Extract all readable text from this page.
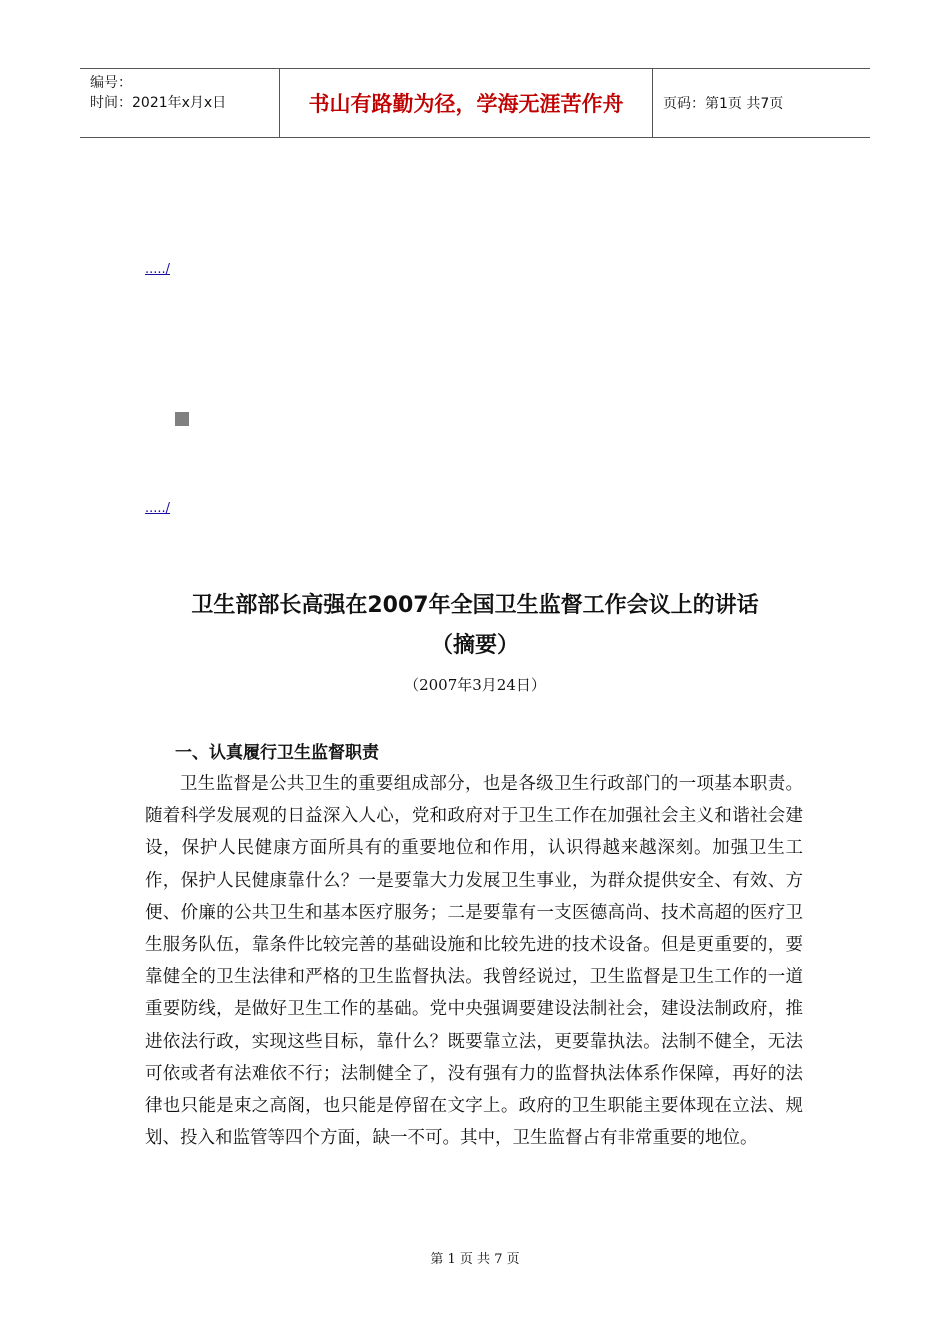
编号：
时间：2021年x月x日	书山有路勤为径，学海无涯苦作舟	页码：第1页 共7页
...../
...../
卫生部部长高强在2007年全国卫生监督工作会议上的讲话
（摘要）
（2007年3月24日）
一、认真履行卫生监督职责

卫生监督是公共卫生的重要组成部分，也是各级卫生行政部门的一项基本职责。随着科学发展观的日益深入人心，党和政府对于卫生工作在加强社会主义和谐社会建设，保护人民健康方面所具有的重要地位和作用，认识得越来越深刻。加强卫生工作，保护人民健康靠什么？一是要靠大力发展卫生事业，为群众提供安全、有效、方便、价廉的公共卫生和基本医疗服务；二是要靠有一支医德高尚、技术高超的医疗卫生服务队伍，靠条件比较完善的基础设施和比较先进的技术设备。但是更重要的，要靠健全的卫生法律和严格的卫生监督执法。我曾经说过，卫生监督是卫生工作的一道重要防线，是做好卫生工作的基础。党中央强调要建设法制社会，建设法制政府，推进依法行政，实现这些目标，靠什么？既要靠立法，更要靠执法。法制不健全，无法可依或者有法难依不行；法制健全了，没有强有力的监督执法体系作保障，再好的法律也只能是束之高阁，也只能是停留在文字上。政府的卫生职能主要体现在立法、规划、投入和监管等四个方面，缺一不可。其中，卫生监督占有非常重要的地位。

第 1 页 共 7 页
